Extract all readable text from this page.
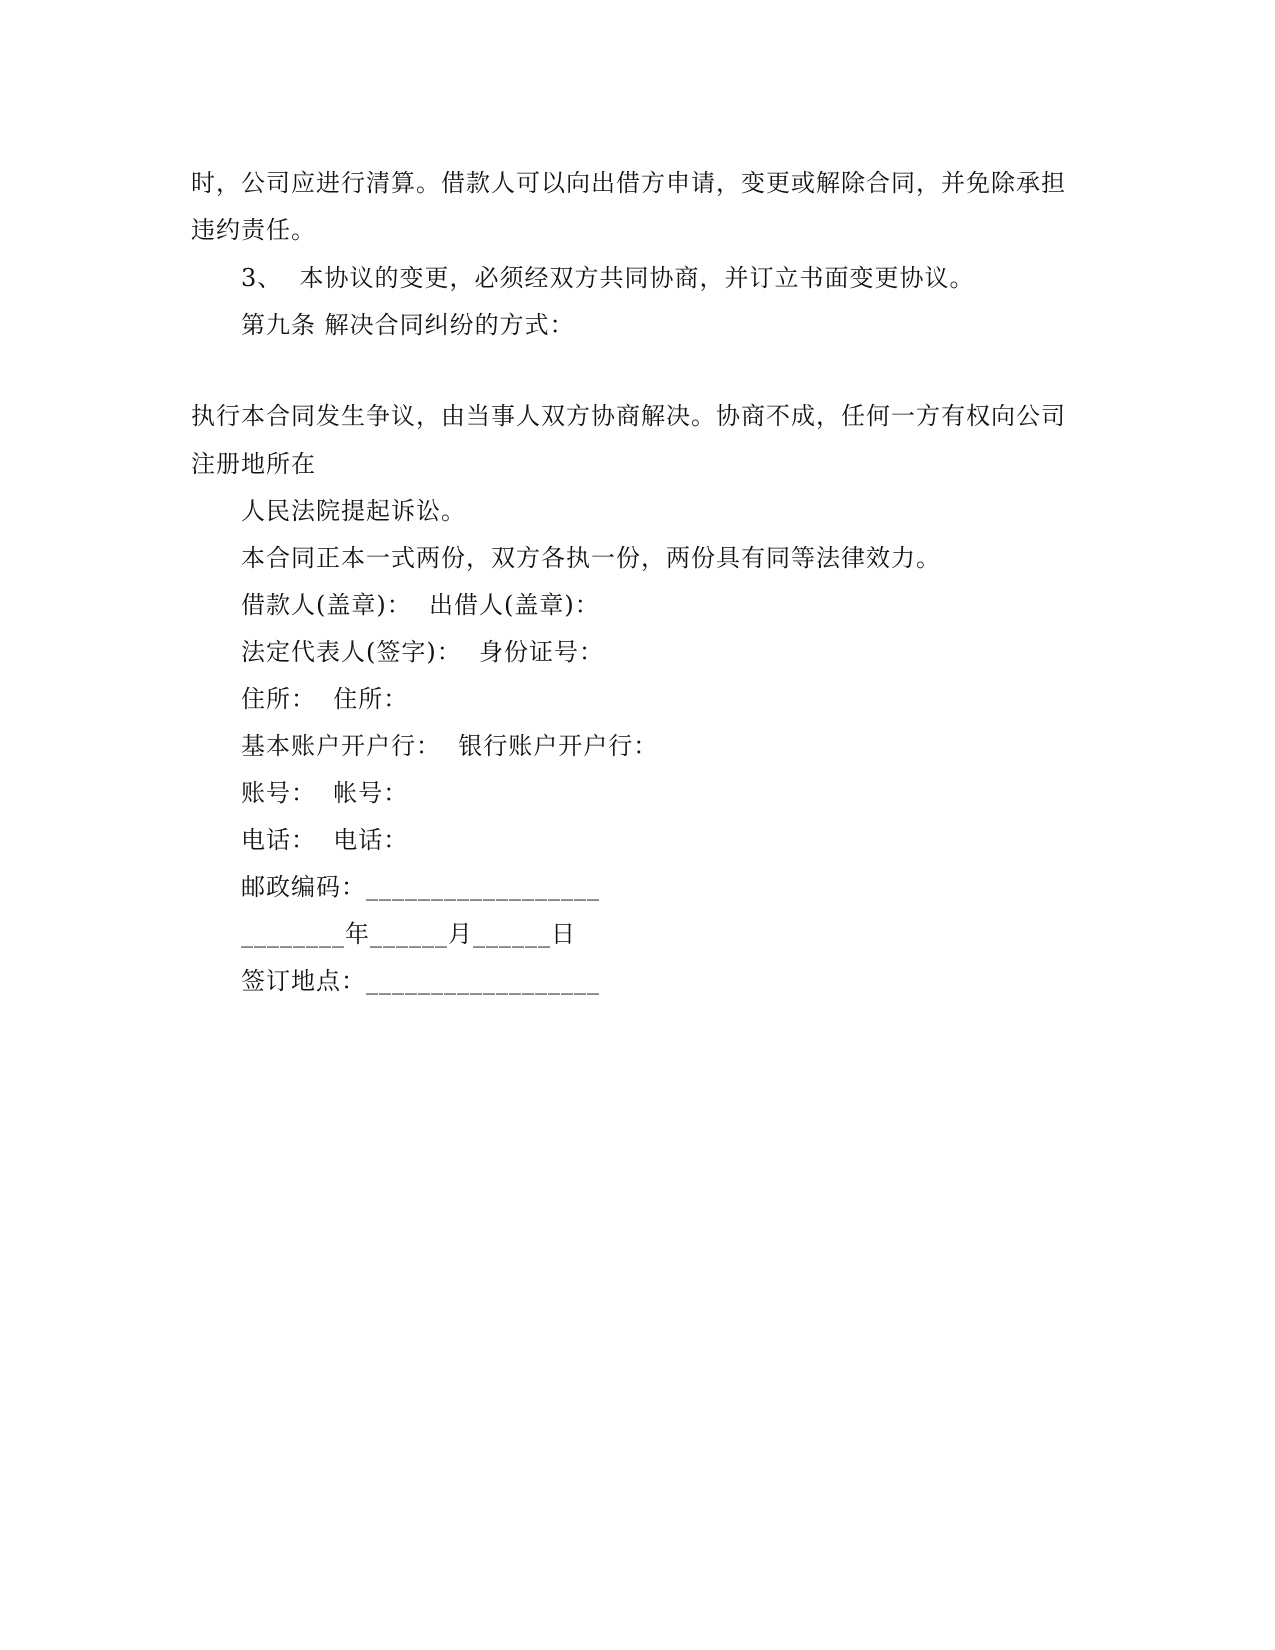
时，公司应进行清算。借款人可以向出借方申请，变更或解除合同，并免除承担
违约责任。
3、  本协议的变更，必须经双方共同协商，并订立书面变更协议。
第九条 解决合同纠纷的方式：
执行本合同发生争议，由当事人双方协商解决。协商不成，任何一方有权向公司
注册地所在
人民法院提起诉讼。
本合同正本一式两份，双方各执一份，两份具有同等法律效力。
借款人(盖章)：  出借人(盖章)：
法定代表人(签字)：  身份证号：
住所：  住所：
基本账户开户行：  银行账户开户行：
账号：  帐号：
电话：  电话：
邮政编码：__________________
________年______月______日
签订地点：__________________
